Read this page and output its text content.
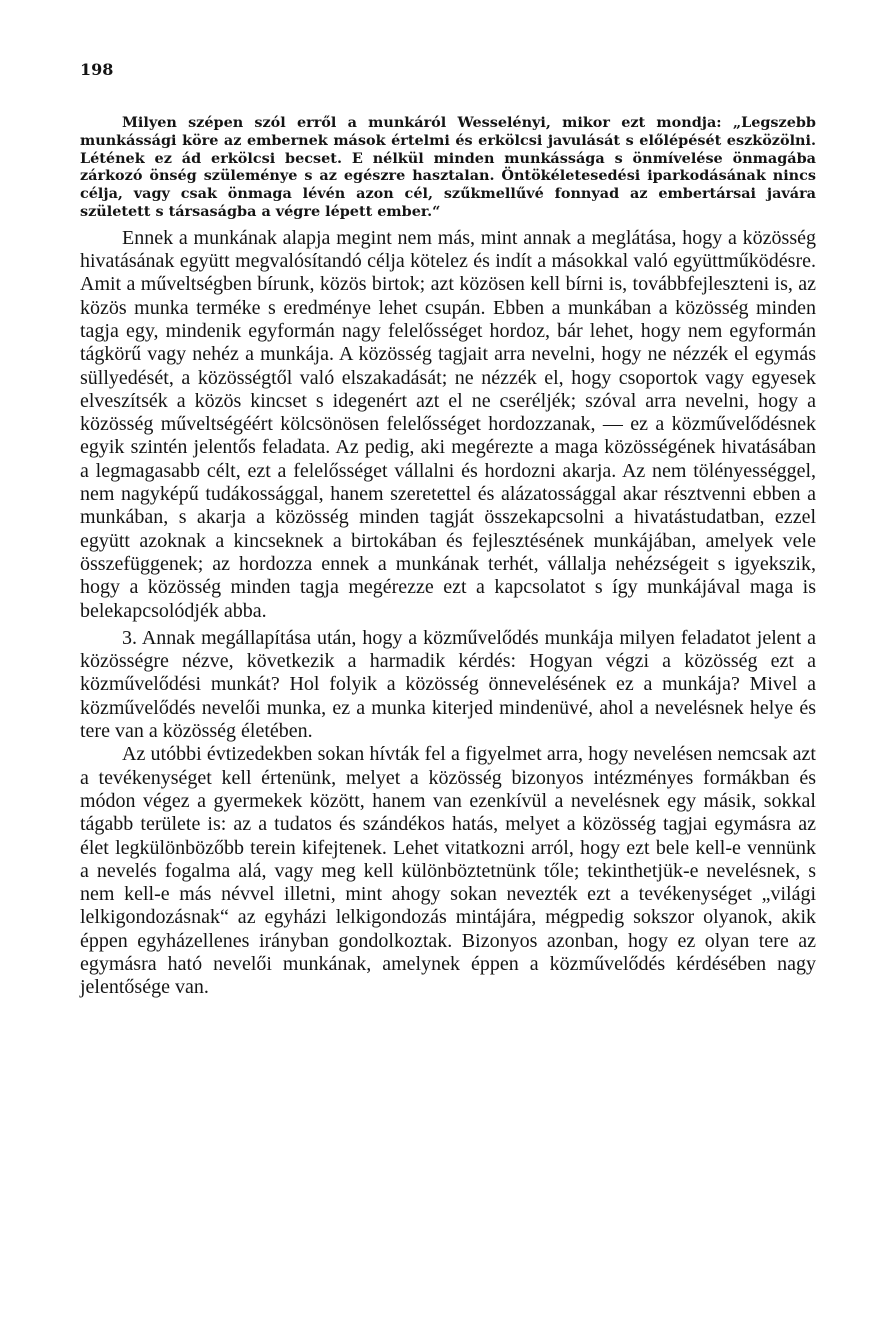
198

Milyen szépen szól erről a munkáról Wesselényi, mikor ezt mondja: „Legszebb munkássági köre az embernek mások értelmi és erkölcsi javulását s előlépését eszközölni. Létének ez ád erkölcsi becset. E nélkül minden munkássága s önmívelése önmagába zárkozó önség szüleménye s az egészre hasztalan. Öntökéletesedési iparkodásának nincs célja, vagy csak önmaga lévén azon cél, szűkmellűvé fonnyad az embertársai javára született s társaságba a végre lépett ember.“

Ennek a munkának alapja megint nem más, mint annak a meglátása, hogy a közösség hivatásának együtt megvalósítandó célja kötelez és indít a másokkal való együttműködésre. Amit a műveltségben bírunk, közös birtok; azt közösen kell bírni is, továbbfejleszteni is, az közös munka terméke s eredménye lehet csupán. Ebben a munkában a közösség minden tagja egy, mindenik egyformán nagy felelősséget hordoz, bár lehet, hogy nem egyformán tágkörű vagy nehéz a munkája. A közösség tagjait arra nevelni, hogy ne nézzék el egymás süllyedését, a közösségtől való elszakadását; ne nézzék el, hogy csoportok vagy egyesek elveszítsék a közös kincset s idegenért azt el ne cseréljék; szóval arra nevelni, hogy a közösség műveltségéért kölcsönösen felelősséget hordozzanak, — ez a közművelődésnek egyik szintén jelentős feladata. Az pedig, aki megérezte a maga közösségének hivatásában a legmagasabb célt, ezt a felelősséget vállalni és hordozni akarja. Az nem tölényességgel, nem nagyképű tudákossággal, hanem szeretettel és alázatossággal akar résztvenni ebben a munkában, s akarja a közösség minden tagját összekapcsolni a hivatástudatban, ezzel együtt azoknak a kincseknek a birtokában és fejlesztésének munkájában, amelyek vele összefüggenek; az hordozza ennek a munkának terhét, vállalja nehézségeit s igyekszik, hogy a közösség minden tagja megérezze ezt a kapcsolatot s így munkájával maga is belekapcsolódjék abba.

3. Annak megállapítása után, hogy a közművelődés munkája milyen feladatot jelent a közösségre nézve, következik a harmadik kérdés: Hogyan végzi a közösség ezt a közművelődési munkát? Hol folyik a közösség önnevelésének ez a munkája? Mivel a közművelődés nevelői munka, ez a munka kiterjed mindenüvé, ahol a nevelésnek helye és tere van a közösség életében.

Az utóbbi évtizedekben sokan hívták fel a figyelmet arra, hogy nevelésen nemcsak azt a tevékenységet kell értenünk, melyet a közösség bizonyos intézményes formákban és módon végez a gyermekek között, hanem van ezenkívül a nevelésnek egy másik, sokkal tágabb területe is: az a tudatos és szándékos hatás, melyet a közösség tagjai egymásra az élet legkülönbözőbb terein kifejtenek. Lehet vitatkozni arról, hogy ezt bele kell-e vennünk a nevelés fogalma alá, vagy meg kell különböztetnünk tőle; tekinthetjük-e nevelésnek, s nem kell-e más névvel illetni, mint ahogy sokan nevezték ezt a tevékenységet „világi lelkigondozásnak“ az egyházi lelkigondozás mintájára, mégpedig sokszor olyanok, akik éppen egyházellenes irányban gondolkoztak. Bizonyos azonban, hogy ez olyan tere az egymásra ható nevelői munkának, amelynek éppen a közművelődés kérdésében nagy jelentősége van.
